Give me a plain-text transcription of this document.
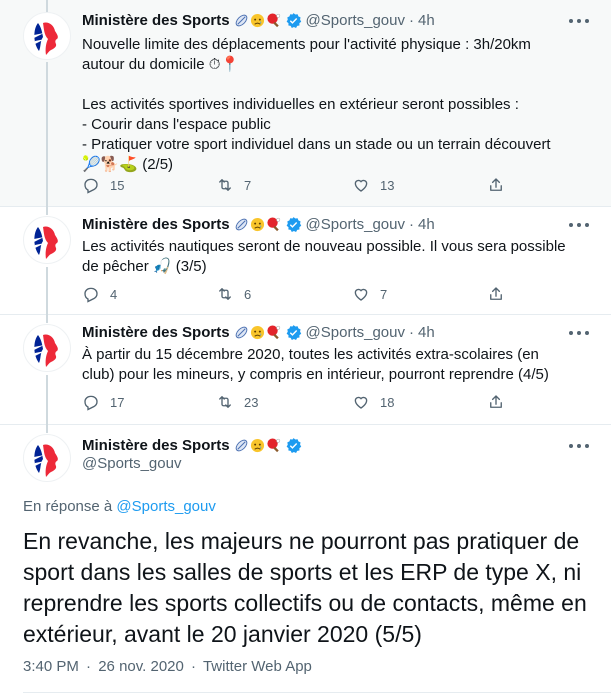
Ministère des Sports	@Sports_gouv · 4h

Nouvelle limite des déplacements pour l'activité physique : 3h/20km
autour du domicile ⏱📍

Les activités sportives individuelles en extérieur seront possibles :
- Courir dans l'espace public
- Pratiquer votre sport individuel dans un stade ou un terrain découvert
🎾🐕⛳ (2/5)

15	7	13
Ministère des Sports	@Sports_gouv · 4h

Les activités nautiques seront de nouveau possible. Il vous sera possible
de pêcher 🎣 (3/5)

4	6	7
Ministère des Sports	@Sports_gouv · 4h

À partir du 15 décembre 2020, toutes les activités extra-scolaires (en
club) pour les mineurs, y compris en intérieur, pourront reprendre (4/5)

17	23	18
Ministère des Sports
@Sports_gouv
En réponse à @Sports_gouv
En revanche, les majeurs ne pourront pas pratiquer de sport dans les salles de sports et les ERP de type X, ni reprendre les sports collectifs ou de contacts, même en extérieur, avant le 20 janvier 2020 (5/5)
3:40 PM · 26 nov. 2020 · Twitter Web App
